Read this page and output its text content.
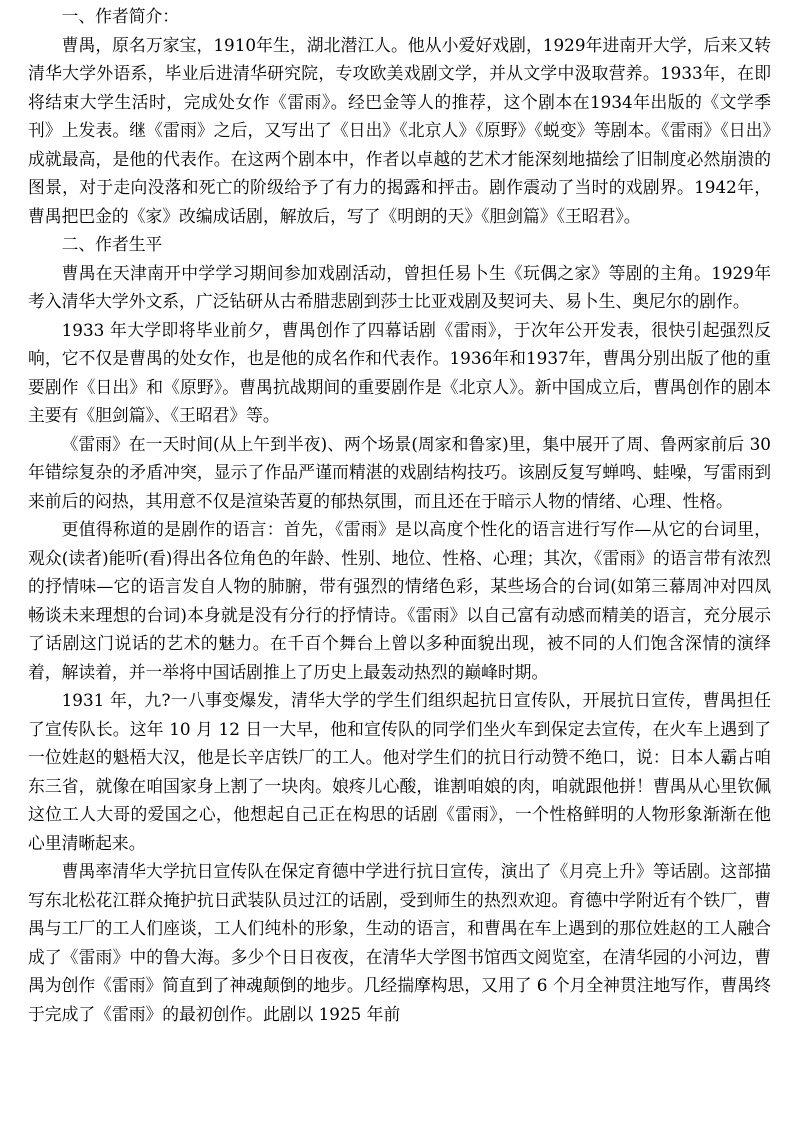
一、作者简介：

曹禺，原名万家宝，1910年生，湖北潜江人。他从小爱好戏剧，1929年进南开大学，后来又转清华大学外语系，毕业后进清华研究院，专攻欧美戏剧文学，并从文学中汲取营养。1933年，在即将结束大学生活时，完成处女作《雷雨》。经巴金等人的推荐，这个剧本在1934年出版的《文学季刊》上发表。继《雷雨》之后，又写出了《日出》《北京人》《原野》《蜕变》等剧本。《雷雨》《日出》成就最高，是他的代表作。在这两个剧本中，作者以卓越的艺术才能深刻地描绘了旧制度必然崩溃的图景，对于走向没落和死亡的阶级给予了有力的揭露和抨击。剧作震动了当时的戏剧界。1942年，曹禺把巴金的《家》改编成话剧，解放后，写了《明朗的天》《胆剑篇》《王昭君》。

二、作者生平

曹禺在天津南开中学学习期间参加戏剧活动，曾担任易卜生《玩偶之家》等剧的主角。1929年考入清华大学外文系，广泛钻研从古希腊悲剧到莎士比亚戏剧及契诃夫、易卜生、奥尼尔的剧作。

1933 年大学即将毕业前夕，曹禺创作了四幕话剧《雷雨》，于次年公开发表，很快引起强烈反响，它不仅是曹禺的处女作，也是他的成名作和代表作。1936年和1937年，曹禺分别出版了他的重要剧作《日出》和《原野》。曹禺抗战期间的重要剧作是《北京人》。新中国成立后，曹禺创作的剧本主要有《胆剑篇》、《王昭君》等。

《雷雨》在一天时间(从上午到半夜)、两个场景(周家和鲁家)里，集中展开了周、鲁两家前后 30 年错综复杂的矛盾冲突，显示了作品严谨而精湛的戏剧结构技巧。该剧反复写蝉鸣、蛙噪，写雷雨到来前后的闷热，其用意不仅是渲染苦夏的郁热氛围，而且还在于暗示人物的情绪、心理、性格。

更值得称道的是剧作的语言：首先，《雷雨》是以高度个性化的语言进行写作—从它的台词里，观众(读者)能听(看)得出各位角色的年龄、性别、地位、性格、心理；其次，《雷雨》的语言带有浓烈的抒情味—它的语言发自人物的肺腑，带有强烈的情绪色彩，某些场合的台词(如第三幕周冲对四凤畅谈未来理想的台词)本身就是没有分行的抒情诗。《雷雨》以自己富有动感而精美的语言，充分展示了话剧这门说话的艺术的魅力。在千百个舞台上曾以多种面貌出现，被不同的人们饱含深情的演绎着，解读着，并一举将中国话剧推上了历史上最轰动热烈的巅峰时期。

1931 年，九?一八事变爆发，清华大学的学生们组织起抗日宣传队，开展抗日宣传，曹禺担任了宣传队长。这年 10 月 12 日一大早，他和宣传队的同学们坐火车到保定去宣传，在火车上遇到了一位姓赵的魁梧大汉，他是长辛店铁厂的工人。他对学生们的抗日行动赞不绝口，说：日本人霸占咱东三省，就像在咱国家身上割了一块肉。娘疼儿心酸，谁割咱娘的肉，咱就跟他拼！曹禺从心里钦佩这位工人大哥的爱国之心，他想起自己正在构思的话剧《雷雨》，一个性格鲜明的人物形象渐渐在他心里清晰起来。

曹禺率清华大学抗日宣传队在保定育德中学进行抗日宣传，演出了《月亮上升》等话剧。这部描写东北松花江群众掩护抗日武装队员过江的话剧，受到师生的热烈欢迎。育德中学附近有个铁厂，曹禺与工厂的工人们座谈，工人们纯朴的形象，生动的语言，和曹禺在车上遇到的那位姓赵的工人融合成了《雷雨》中的鲁大海。多少个日日夜夜，在清华大学图书馆西文阅览室，在清华园的小河边，曹禺为创作《雷雨》简直到了神魂颠倒的地步。几经揣摩构思，又用了 6 个月全神贯注地写作，曹禺终于完成了《雷雨》的最初创作。此剧以 1925 年前
